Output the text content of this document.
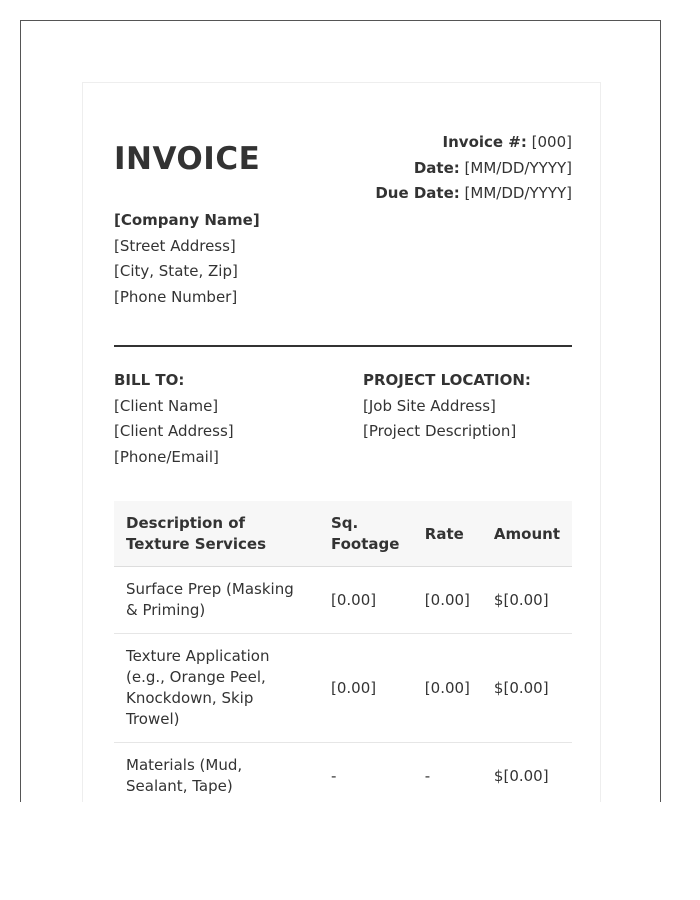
INVOICE	Invoice #: [000]
Date: [MM/DD/YYYY]
Due Date: [MM/DD/YYYY]
[Company Name]
[Street Address]
[City, State, Zip]
[Phone Number]
BILL TO:
[Client Name]
[Client Address]
[Phone/Email]
PROJECT LOCATION:
[Job Site Address]
[Project Description]
Description of Texture Services	Sq. Footage	Rate	Amount
Surface Prep (Masking & Priming)	[0.00]	[0.00]	$[0.00]
Texture Application (e.g., Orange Peel, Knockdown, Skip Trowel)	[0.00]	[0.00]	$[0.00]
Materials (Mud, Sealant, Tape)	-	-	$[0.00]
